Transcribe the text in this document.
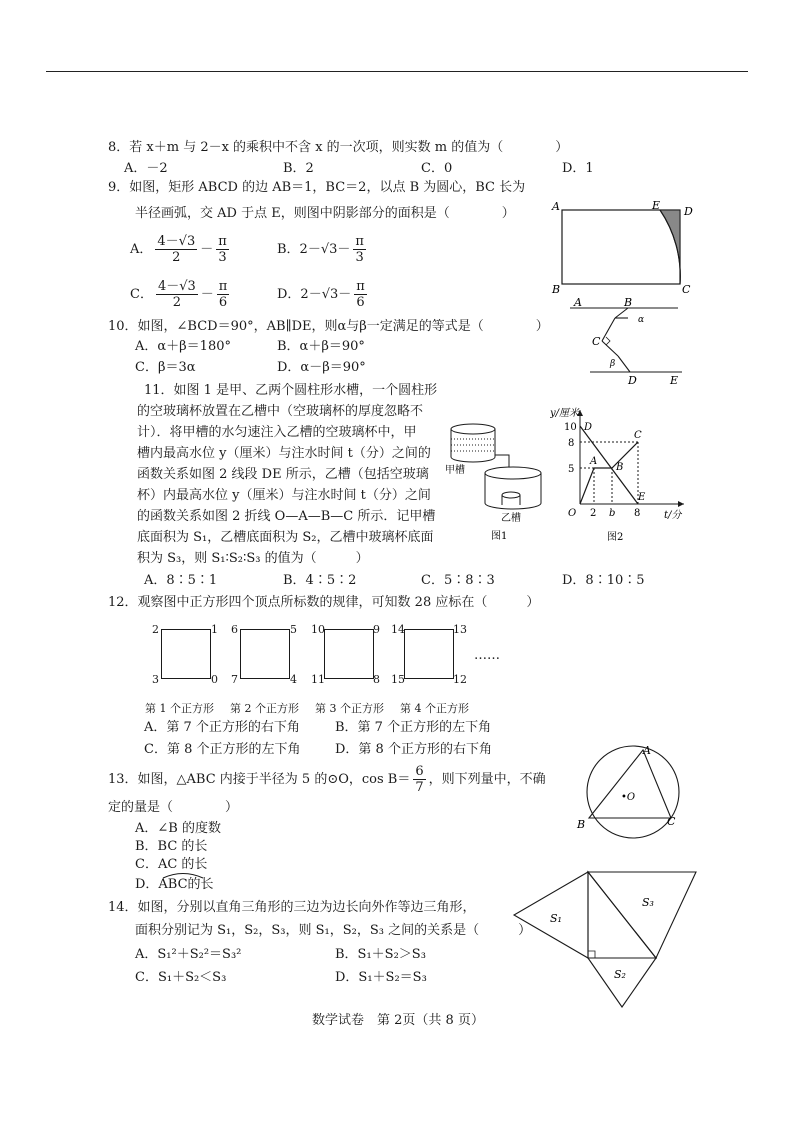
8．若 x＋m 与 2－x 的乘积中不含 x 的一次项，则实数 m 的值为（　　　　）
A．－2	B．2	C．0	D．1
9．如图，矩形 ABCD 的边 AB＝1，BC＝2，以点 B 为圆心，BC 长为
半径画弧，交 AD 于点 E，则图中阴影部分的面积是（　　　　）
A． $\frac{4-√3}{2} - \frac{\pi}{3}$	B．$2-√3- \frac{\pi}{3}$
C． $\frac{4-√3}{2} - \frac{\pi}{6}$	D．$2-√3- \frac{\pi}{6}$
A	E D
B	C
10．如图，∠BCD＝90°，AB∥DE，则α与β一定满足的等式是（　　　　）
A．α＋β＝180°	B．α＋β＝90°
C．β＝3α	D．α－β＝90°
A	B
α
C
β
D	E
11．如图 1 是甲、乙两个圆柱形水槽，一个圆柱形
的空玻璃杯放置在乙槽中（空玻璃杯的厚度忽略不
计）．将甲槽的水匀速注入乙槽的空玻璃杯中，甲
槽内最高水位 y（厘米）与注水时间 t（分）之间的
函数关系如图 2 线段 DE 所示，乙槽（包括空玻璃
杯）内最高水位 y（厘米）与注水时间 t（分）之间
的函数关系如图 2 折线 O—A—B—C 所示．记甲槽
底面积为 S₁，乙槽底面积为 S₂，乙槽中玻璃杯底面
积为 S₃，则 S₁∶S₂∶S₃ 的值为（　　　）
A．8∶5∶1	B．4∶5∶2	C．5∶8∶3	D．8∶10∶5
甲槽
乙槽
图1
y/厘米
t/分
10
8
5
O 2 b 8
D
C
A
B
E
图2
12．观察图中正方形四个顶点所标数的规律，可知数 28 应标在（　　　）
2	1
3	0
6	5
7	4
10	9
11	8
14	13
15	12
……
第 1 个正方形 第 2 个正方形 第 3 个正方形 第 4 个正方形
A．第 7 个正方形的右下角	B．第 7 个正方形的左下角
C．第 8 个正方形的左下角	D．第 8 个正方形的右下角
13．如图，△ABC 内接于半径为 5 的⊙O，$\cos B= \frac{6}{7}$ ，则下列量中，不确
定的量是（　　　　）
A．∠B 的度数
B．BC 的长
C．AC 的长
D．ABC的长
A
•O
B	C
14．如图，分别以直角三角形的三边为边长向外作等边三角形，
面积分别记为 S₁，S₂，S₃，则 S₁，S₂，S₃ 之间的关系是（　　　）
A．S₁²＋S₂²＝S₃²	B．S₁＋S₂＞S₃
C．S₁＋S₂＜S₃	D．S₁＋S₂＝S₃
S₁
S₃
S₂
数学试卷　第 2页（共 8 页）
